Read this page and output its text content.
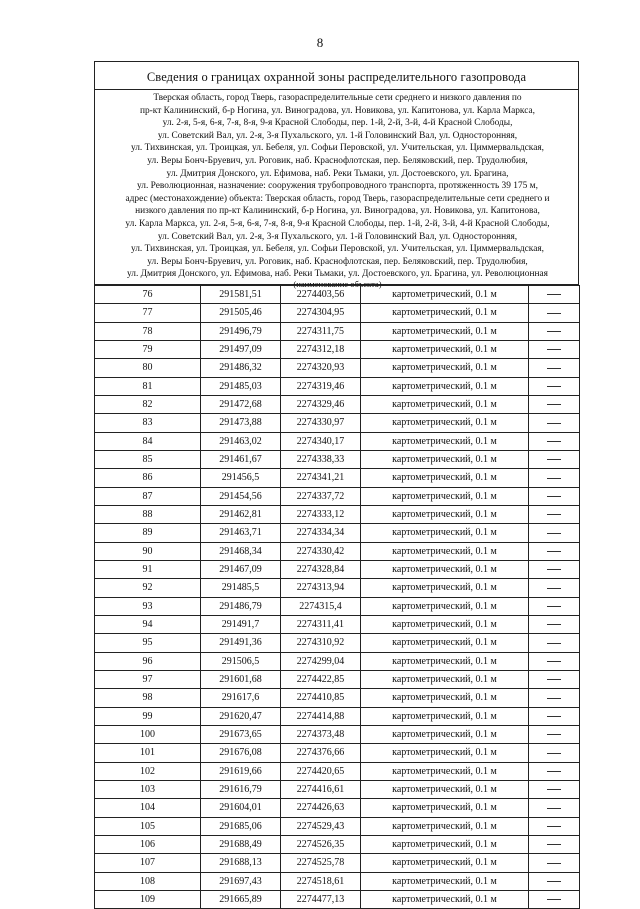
8
Сведения о границах охранной зоны распределительного газопровода
Тверская область, город Тверь, газораспределительные сети среднего и низкого давления по
пр-кт Калининский, б-р Ногина, ул. Виноградова, ул. Новикова, ул. Капитонова, ул. Карла Маркса,
ул. 2-я, 5-я, 6-я, 7-я, 8-я, 9-я Красной Слободы, пер. 1-й, 2-й, 3-й, 4-й Красной Слободы,
ул. Советский Вал, ул. 2-я, 3-я Пухальского, ул. 1-й Головинский Вал, ул. Односторонняя,
ул. Тихвинская, ул. Троицкая, ул. Бебеля, ул. Софьи Перовской, ул. Учительская, ул. Циммервальдская,
ул. Веры Бонч-Бруевич, ул. Роговик, наб. Краснофлотская, пер. Беляковский, пер. Трудолюбия,
ул. Дмитрия Донского, ул. Ефимова, наб. Реки Тьмаки, ул. Достоевского, ул. Брагина,
ул. Революционная, назначение: сооружения трубопроводного транспорта, протяженность 39 175 м,
адрес (местонахождение) объекта: Тверская область, город Тверь, газораспределительные сети среднего и
низкого давления по пр-кт Калининский, б-р Ногина, ул. Виноградова, ул. Новикова, ул. Капитонова,
ул. Карла Маркса, ул. 2-я, 5-я, 6-я, 7-я, 8-я, 9-я Красной Слободы, пер. 1-й, 2-й, 3-й, 4-й Красной Слободы,
ул. Советский Вал, ул. 2-я, 3-я Пухальского, ул. 1-й Головинский Вал, ул. Односторонняя,
ул. Тихвинская, ул. Троицкая, ул. Бебеля, ул. Софьи Перовской, ул. Учительская, ул. Циммервальдская,
ул. Веры Бонч-Бруевич, ул. Роговик, наб. Краснофлотская, пер. Беляковский, пер. Трудолюбия,
ул. Дмитрия Донского, ул. Ефимова, наб. Реки Тьмаки, ул. Достоевского, ул. Брагина, ул. Революционная
(наименование объекта)
76	291581,51	2274403,56	картометрический, 0.1 м	
77	291505,46	2274304,95	картометрический, 0.1 м	
78	291496,79	2274311,75	картометрический, 0.1 м	
79	291497,09	2274312,18	картометрический, 0.1 м	
80	291486,32	2274320,93	картометрический, 0.1 м	
81	291485,03	2274319,46	картометрический, 0.1 м	
82	291472,68	2274329,46	картометрический, 0.1 м	
83	291473,88	2274330,97	картометрический, 0.1 м	
84	291463,02	2274340,17	картометрический, 0.1 м	
85	291461,67	2274338,33	картометрический, 0.1 м	
86	291456,5	2274341,21	картометрический, 0.1 м	
87	291454,56	2274337,72	картометрический, 0.1 м	
88	291462,81	2274333,12	картометрический, 0.1 м	
89	291463,71	2274334,34	картометрический, 0.1 м	
90	291468,34	2274330,42	картометрический, 0.1 м	
91	291467,09	2274328,84	картометрический, 0.1 м	
92	291485,5	2274313,94	картометрический, 0.1 м	
93	291486,79	2274315,4	картометрический, 0.1 м	
94	291491,7	2274311,41	картометрический, 0.1 м	
95	291491,36	2274310,92	картометрический, 0.1 м	
96	291506,5	2274299,04	картометрический, 0.1 м	
97	291601,68	2274422,85	картометрический, 0.1 м	
98	291617,6	2274410,85	картометрический, 0.1 м	
99	291620,47	2274414,88	картометрический, 0.1 м	
100	291673,65	2274373,48	картометрический, 0.1 м	
101	291676,08	2274376,66	картометрический, 0.1 м	
102	291619,66	2274420,65	картометрический, 0.1 м	
103	291616,79	2274416,61	картометрический, 0.1 м	
104	291604,01	2274426,63	картометрический, 0.1 м	
105	291685,06	2274529,43	картометрический, 0.1 м	
106	291688,49	2274526,35	картометрический, 0.1 м	
107	291688,13	2274525,78	картометрический, 0.1 м	
108	291697,43	2274518,61	картометрический, 0.1 м	
109	291665,89	2274477,13	картометрический, 0.1 м	
